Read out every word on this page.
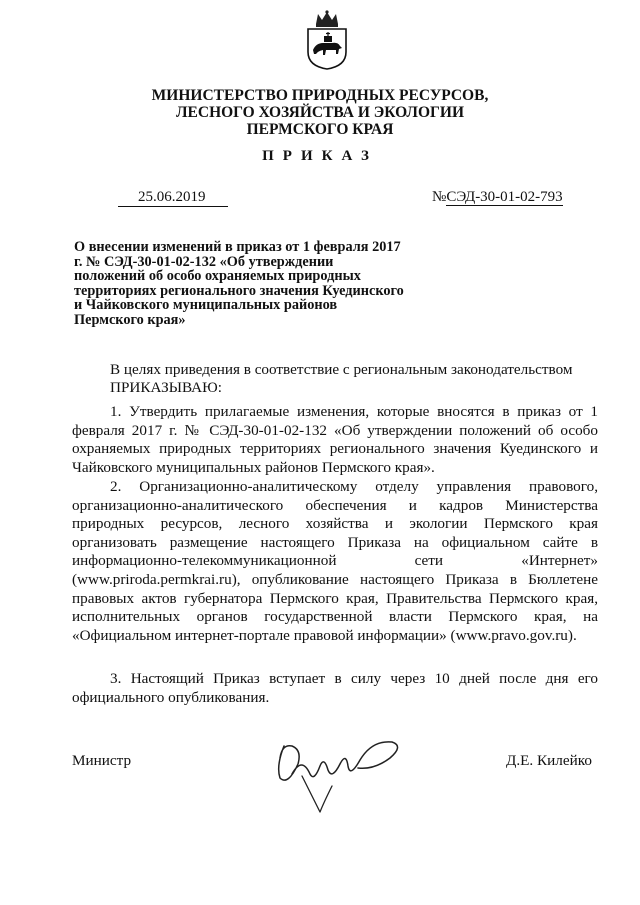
МИНИСТЕРСТВО ПРИРОДНЫХ РЕСУРСОВ,
ЛЕСНОГО ХОЗЯЙСТВА И ЭКОЛОГИИ
ПЕРМСКОГО КРАЯ
ПРИКАЗ
25.06.2019	№СЭД-30-01-02-793
О внесении изменений в приказ от 1 февраля 2017 г. № СЭД-30-01-02-132 «Об утверждении положений об особо охраняемых природных территориях регионального значения Куединского и Чайковского муниципальных районов Пермского края»
В целях приведения в соответствие с региональным законодательством
ПРИКАЗЫВАЮ:
1. Утвердить прилагаемые изменения, которые вносятся в приказ от 1 февраля 2017 г. № СЭД-30-01-02-132 «Об утверждении положений об особо охраняемых природных территориях регионального значения Куединского и Чайковского муниципальных районов Пермского края».
2. Организационно-аналитическому отделу управления правового, организационно-аналитического обеспечения и кадров Министерства природных ресурсов, лесного хозяйства и экологии Пермского края организовать размещение настоящего Приказа на официальном сайте в информационно-телекоммуникационной сети «Интернет» (www.priroda.permkrai.ru), опубликование настоящего Приказа в Бюллетене правовых актов губернатора Пермского края, Правительства Пермского края, исполнительных органов государственной власти Пермского края, на «Официальном интернет-портале правовой информации» (www.pravo.gov.ru).
3. Настоящий Приказ вступает в силу через 10 дней после дня его официального опубликования.
Министр	Д.Е. Килейко
